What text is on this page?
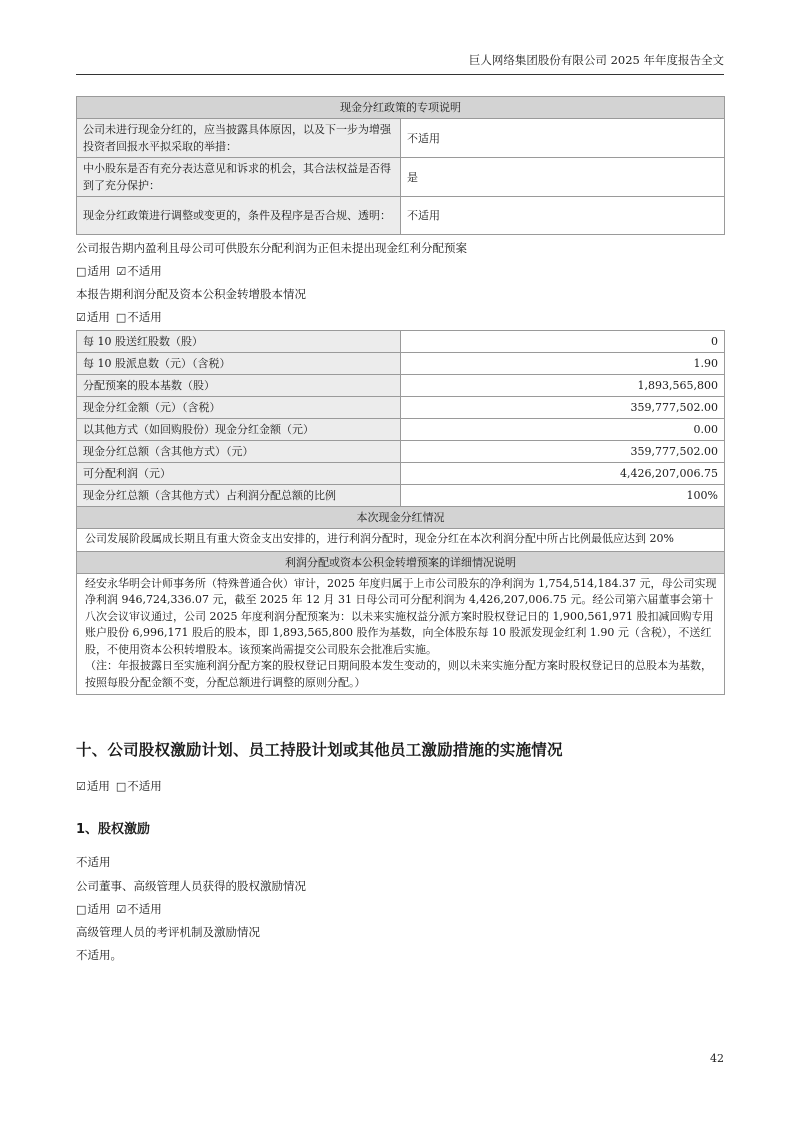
巨人网络集团股份有限公司 2025 年年度报告全文
现金分红政策的专项说明	
公司未进行现金分红的，应当披露具体原因，以及下一步为增强投资者回报水平拟采取的举措：	不适用
中小股东是否有充分表达意见和诉求的机会，其合法权益是否得到了充分保护：	是
现金分红政策进行调整或变更的，条件及程序是否合规、透明：	不适用
公司报告期内盈利且母公司可供股东分配利润为正但未提出现金红利分配预案
□适用 ☑不适用
本报告期利润分配及资本公积金转增股本情况
☑适用 □不适用
每 10 股送红股数（股）	0
每 10 股派息数（元）（含税）	1.90
分配预案的股本基数（股）	1,893,565,800
现金分红金额（元）（含税）	359,777,502.00
以其他方式（如回购股份）现金分红金额（元）	0.00
现金分红总额（含其他方式）（元）	359,777,502.00
可分配利润（元）	4,426,207,006.75
现金分红总额（含其他方式）占利润分配总额的比例	100%
本次现金分红情况	
公司发展阶段属成长期且有重大资金支出安排的，进行利润分配时，现金分红在本次利润分配中所占比例最低应达到 20%	
利润分配或资本公积金转增预案的详细情况说明	

经安永华明会计师事务所（特殊普通合伙）审计，2025 年度归属于上市公司股东的净利润为 1,754,514,184.37 元，母公司实现净利润 946,724,336.07 元，截至 2025 年 12 月 31 日母公司可分配利润为 4,426,207,006.75 元。经公司第六届董事会第十八次会议审议通过，公司 2025 年度利润分配预案为：以未来实施权益分派方案时股权登记日的 1,900,561,971 股扣减回购专用账户股份 6,996,171 股后的股本，即 1,893,565,800 股作为基数，向全体股东每 10 股派发现金红利 1.90 元（含税），不送红股，不使用资本公积转增股本。该预案尚需提交公司股东会批准后实施。
（注：年报披露日至实施利润分配方案的股权登记日期间股本发生变动的，则以未来实施分配方案时股权登记日的总股本为基数，按照每股分配金额不变，分配总额进行调整的原则分配。）	
十、公司股权激励计划、员工持股计划或其他员工激励措施的实施情况
☑适用 □不适用
1、股权激励
不适用
公司董事、高级管理人员获得的股权激励情况
□适用 ☑不适用
高级管理人员的考评机制及激励情况
不适用。
42
